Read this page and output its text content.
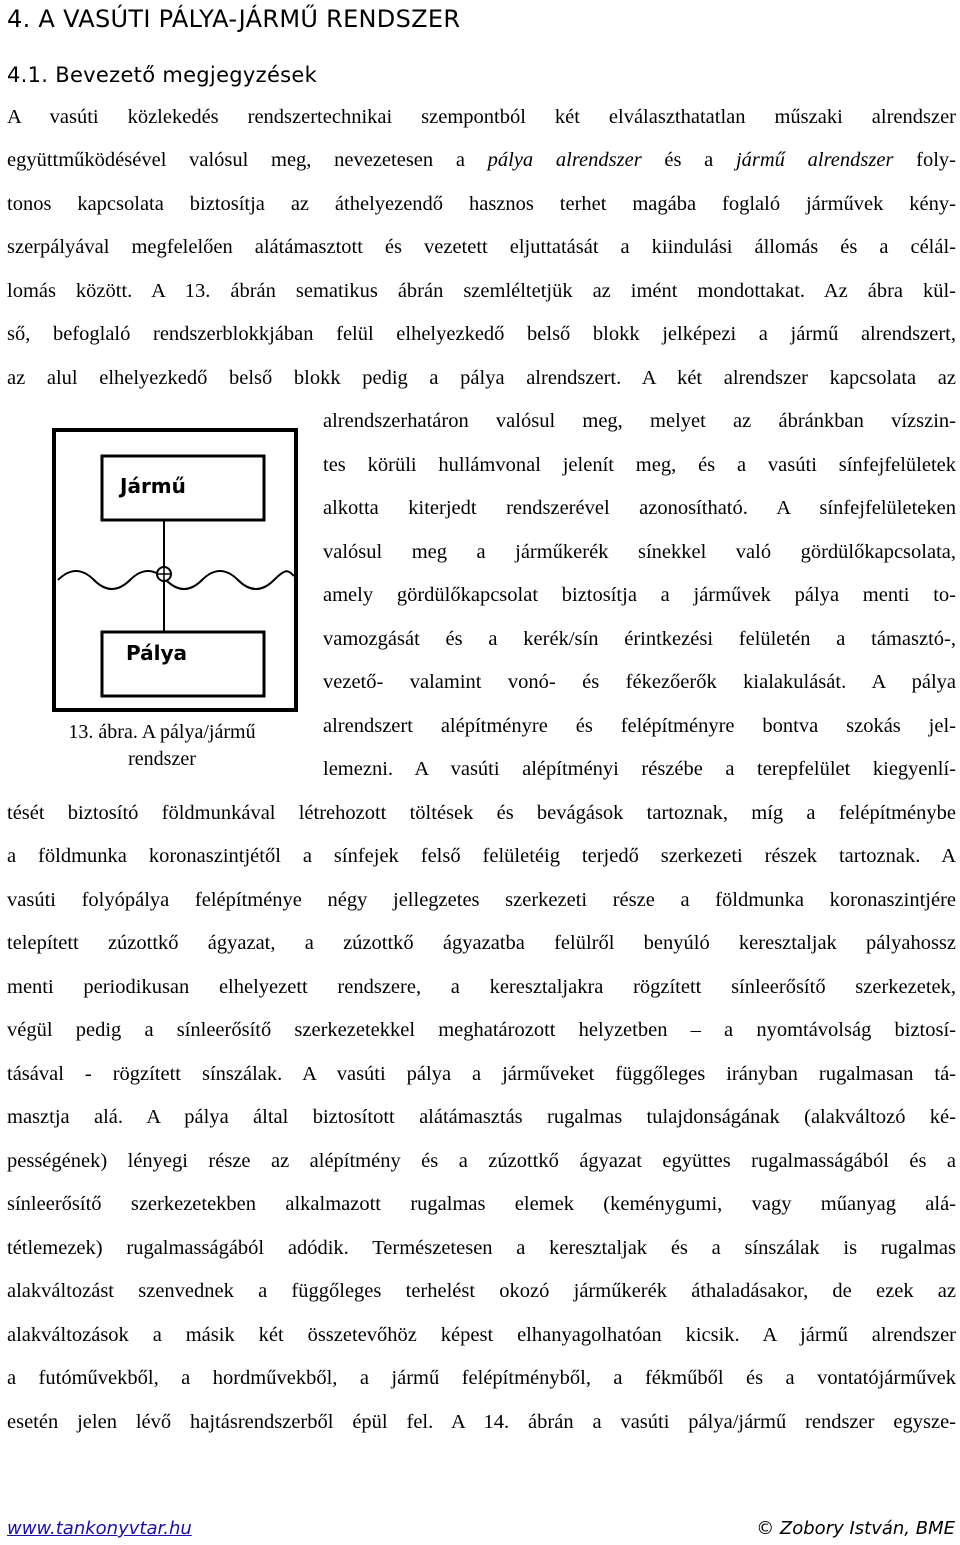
4. A VASÚTI PÁLYA-JÁRMŰ RENDSZER
4.1. Bevezető megjegyzések
A vasúti közlekedés rendszertechnikai szempontból két elválaszthatatlan műszaki alrendszer
együttműködésével valósul meg, nevezetesen a pálya alrendszer és a jármű alrendszer foly-
tonos kapcsolata biztosítja az áthelyezendő hasznos terhet magába foglaló járművek kény-
szerpályával megfelelően alátámasztott és vezetett eljuttatását a kiindulási állomás és a célál-
lomás között. A 13. ábrán sematikus ábrán szemléltetjük az imént mondottakat. Az ábra kül-
ső, befoglaló rendszerblokkjában felül elhelyezkedő belső blokk jelképezi a jármű alrendszert,
az alul elhelyezkedő belső blokk pedig a pálya alrendszert. A két alrendszer kapcsolata az
alrendszerhatáron valósul meg, melyet az ábránkban vízszin-
tes körüli hullámvonal jelenít meg, és a vasúti sínfejfelületek
alkotta kiterjedt rendszerével azonosítható. A sínfejfelületeken
valósul meg a járműkerék sínekkel való gördülőkapcsolata,
amely gördülőkapcsolat biztosítja a járművek pálya menti to-
vamozgását és a kerék/sín érintkezési felületén a támasztó-,
vezető- valamint vonó- és fékezőerők kialakulását. A pálya
alrendszert alépítményre és felépítményre bontva szokás jel-
lemezni. A vasúti alépítményi részébe a terepfelület kiegyenlí-
Jármű
Pálya
13. ábra. A pálya/jármű
rendszer
tését biztosító földmunkával létrehozott töltések és bevágások tartoznak, míg a felépítménybe
a földmunka koronaszintjétől a sínfejek felső felületéig terjedő szerkezeti részek tartoznak. A
vasúti folyópálya felépítménye négy jellegzetes szerkezeti része a földmunka koronaszintjére
telepített zúzottkő ágyazat, a zúzottkő ágyazatba felülről benyúló keresztaljak pályahossz
menti periodikusan elhelyezett rendszere, a keresztaljakra rögzített sínleerősítő szerkezetek,
végül pedig a sínleerősítő szerkezetekkel meghatározott helyzetben – a nyomtávolság biztosí-
tásával - rögzített sínszálak. A vasúti pálya a járműveket függőleges irányban rugalmasan tá-
masztja alá. A pálya által biztosított alátámasztás rugalmas tulajdonságának (alakváltozó ké-
pességének) lényegi része az alépítmény és a zúzottkő ágyazat együttes rugalmasságából és a
sínleerősítő szerkezetekben alkalmazott rugalmas elemek (keménygumi, vagy műanyag alá-
tétlemezek) rugalmasságából adódik. Természetesen a keresztaljak és a sínszálak is rugalmas
alakváltozást szenvednek a függőleges terhelést okozó járműkerék áthaladásakor, de ezek az
alakváltozások a másik két összetevőhöz képest elhanyagolhatóan kicsik. A jármű alrendszer
a futóművekből, a hordművekből, a jármű felépítményből, a fékműből és a vontatójárművek
esetén jelen lévő hajtásrendszerből épül fel. A 14. ábrán a vasúti pálya/jármű rendszer egysze-
www.tankonyvtar.hu	© Zobory István, BME
